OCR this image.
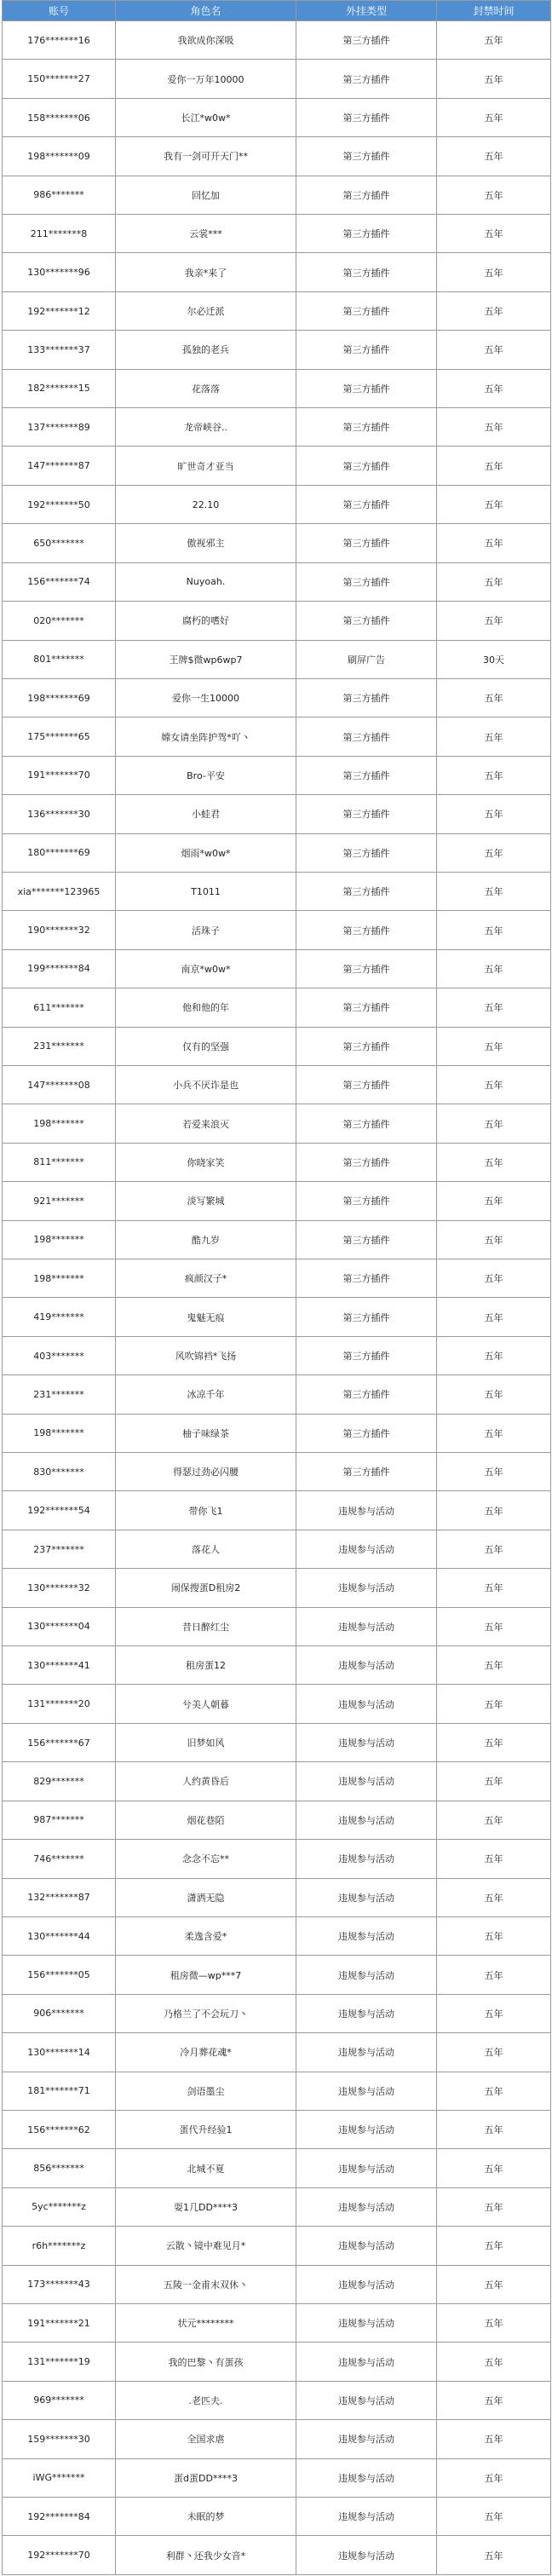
账号	角色名	外挂类型	封禁时间
176*******16	我欲成你深吸	第三方插件	五年
150*******27	爱你一万年10000	第三方插件	五年
158*******06	长江*w0w*	第三方插件	五年
198*******09	我有一剑可开天门**	第三方插件	五年
986*******	回忆加	第三方插件	五年
211*******8	云裳***	第三方插件	五年
130*******96	我亲*来了	第三方插件	五年
192*******12	尔必迁派	第三方插件	五年
133*******37	孤独的老兵	第三方插件	五年
182*******15	花落落	第三方插件	五年
137*******89	龙帝峡谷..	第三方插件	五年
147*******87	旷世奇才亚当	第三方插件	五年
192*******50	22.10	第三方插件	五年
650*******	傲视邪主	第三方插件	五年
156*******74	Nuyoah.	第三方插件	五年
020*******	腐朽的嗜好	第三方插件	五年
801*******	王牌$微wp6wp7	刷屏广告	30天
198*******69	爱你一生10000	第三方插件	五年
175*******65	嫦女请坐阵护驾*吖丶	第三方插件	五年
191*******70	Bro-平安	第三方插件	五年
136*******30	小蛙君	第三方插件	五年
180*******69	烟雨*w0w*	第三方插件	五年
xia*******123965	T1011	第三方插件	五年
190*******32	活珠子	第三方插件	五年
199*******84	南京*w0w*	第三方插件	五年
611*******	他和他的年	第三方插件	五年
231*******	仅有的坚强	第三方插件	五年
147*******08	小兵不厌诈是也	第三方插件	五年
198*******	若爱来浪灭	第三方插件	五年
811*******	你晓家笑	第三方插件	五年
921*******	淡写繁城	第三方插件	五年
198*******	酷九岁	第三方插件	五年
198*******	疯颜汉子*	第三方插件	五年
419*******	鬼魅无痕	第三方插件	五年
403*******	风吹锦裆*飞扬	第三方插件	五年
231*******	冰凉千年	第三方插件	五年
198*******	柚子味绿茶	第三方插件	五年
830*******	得瑟过劲必闪腰	第三方插件	五年
192*******54	带你飞1	违规参与活动	五年
237*******	落花人	违规参与活动	五年
130*******32	闹保搜蛋D租房2	违规参与活动	五年
130*******04	昔日醉红尘	违规参与活动	五年
130*******41	租房蛋12	违规参与活动	五年
131*******20	兮美人朝暮	违规参与活动	五年
156*******67	旧梦如风	违规参与活动	五年
829*******	人约黄昏后	违规参与活动	五年
987*******	烟花巷陌	违规参与活动	五年
746*******	念念不忘**	违规参与活动	五年
132*******87	潇洒无隐	违规参与活动	五年
130*******44	柔逸含爱*	违规参与活动	五年
156*******05	租房微—wp***7	违规参与活动	五年
906*******	乃格兰了不会玩刀丶	违规参与活动	五年
130*******14	冷月葬花魂*	违规参与活动	五年
181*******71	剑语墨尘	违规参与活动	五年
156*******62	蛋代升经验1	违规参与活动	五年
856*******	北城不夏	违规参与活动	五年
5yc*******z	耍1几DD****3	违规参与活动	五年
r6h*******z	云散丶镜中难见月*	违规参与活动	五年
173*******43	五陵一金甫末双休丶	违规参与活动	五年
191*******21	状元********	违规参与活动	五年
131*******19	我的巴黎丶有蛋孩	违规参与活动	五年
969*******	.老匹夫.	违规参与活动	五年
159*******30	全国求虐	违规参与活动	五年
iWG*******	蛋d蛋DD****3	违规参与活动	五年
192*******84	未眠的梦	违规参与活动	五年
192*******70	利群丶还我少女音*	违规参与活动	五年
